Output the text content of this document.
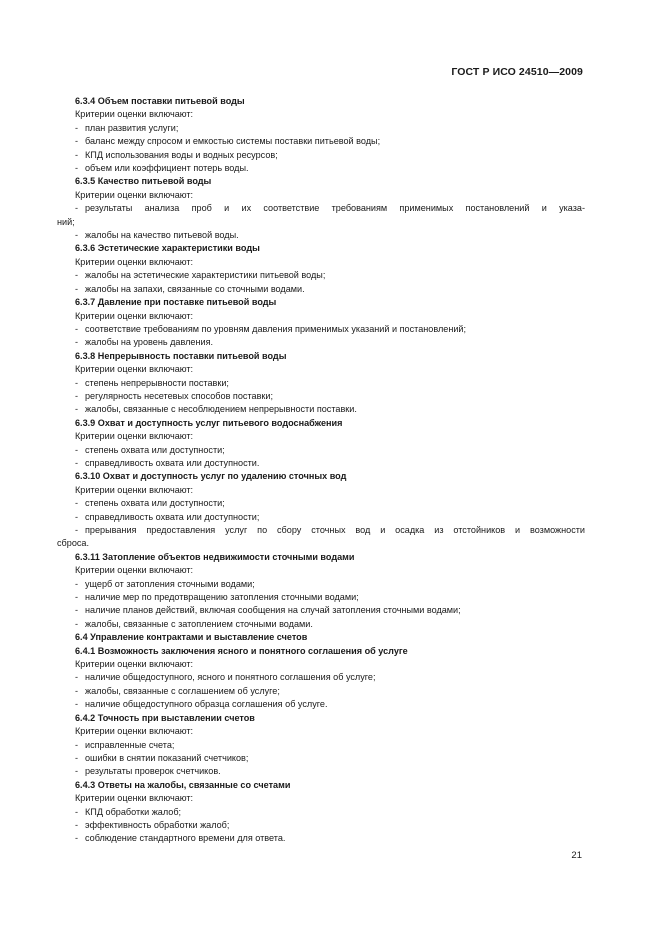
ГОСТ Р ИСО 24510—2009
6.3.4 Объем поставки питьевой воды
Критерии оценки включают:
- план развития услуги;
- баланс между спросом и емкостью системы поставки питьевой воды;
- КПД использования воды и водных ресурсов;
- объем или коэффициент потерь воды.
6.3.5 Качество питьевой воды
Критерии оценки включают:
- результаты анализа проб и их соответствие требованиям применимых постановлений и указа-
ний;
- жалобы на качество питьевой воды.
6.3.6 Эстетические характеристики воды
Критерии оценки включают:
- жалобы на эстетические характеристики питьевой воды;
- жалобы на запахи, связанные со сточными водами.
6.3.7 Давление при поставке питьевой воды
Критерии оценки включают:
- соответствие требованиям по уровням давления применимых указаний и постановлений;
- жалобы на уровень давления.
6.3.8 Непрерывность поставки питьевой воды
Критерии оценки включают:
- степень непрерывности поставки;
- регулярность несетевых способов поставки;
- жалобы, связанные с несоблюдением непрерывности поставки.
6.3.9 Охват и доступность услуг питьевого водоснабжения
Критерии оценки включают:
- степень охвата или доступности;
- справедливость охвата или доступности.
6.3.10 Охват и доступность услуг по удалению сточных вод
Критерии оценки включают:
- степень охвата или доступности;
- справедливость охвата или доступности;
- прерывания предоставления услуг по сбору сточных вод и осадка из отстойников и возможности
сброса.
6.3.11 Затопление объектов недвижимости сточными водами
Критерии оценки включают:
- ущерб от затопления сточными водами;
- наличие мер по предотвращению затопления сточными водами;
- наличие планов действий, включая сообщения на случай затопления сточными водами;
- жалобы, связанные с затоплением сточными водами.
6.4 Управление контрактами и выставление счетов
6.4.1 Возможность заключения ясного и понятного соглашения об услуге
Критерии оценки включают:
- наличие общедоступного, ясного и понятного соглашения об услуге;
- жалобы, связанные с соглашением об услуге;
- наличие общедоступного образца соглашения об услуге.
6.4.2 Точность при выставлении счетов
Критерии оценки включают:
- исправленные счета;
- ошибки в снятии показаний счетчиков;
- результаты проверок счетчиков.
6.4.3 Ответы на жалобы, связанные со счетами
Критерии оценки включают:
- КПД обработки жалоб;
- эффективность обработки жалоб;
- соблюдение стандартного времени для ответа.
21
